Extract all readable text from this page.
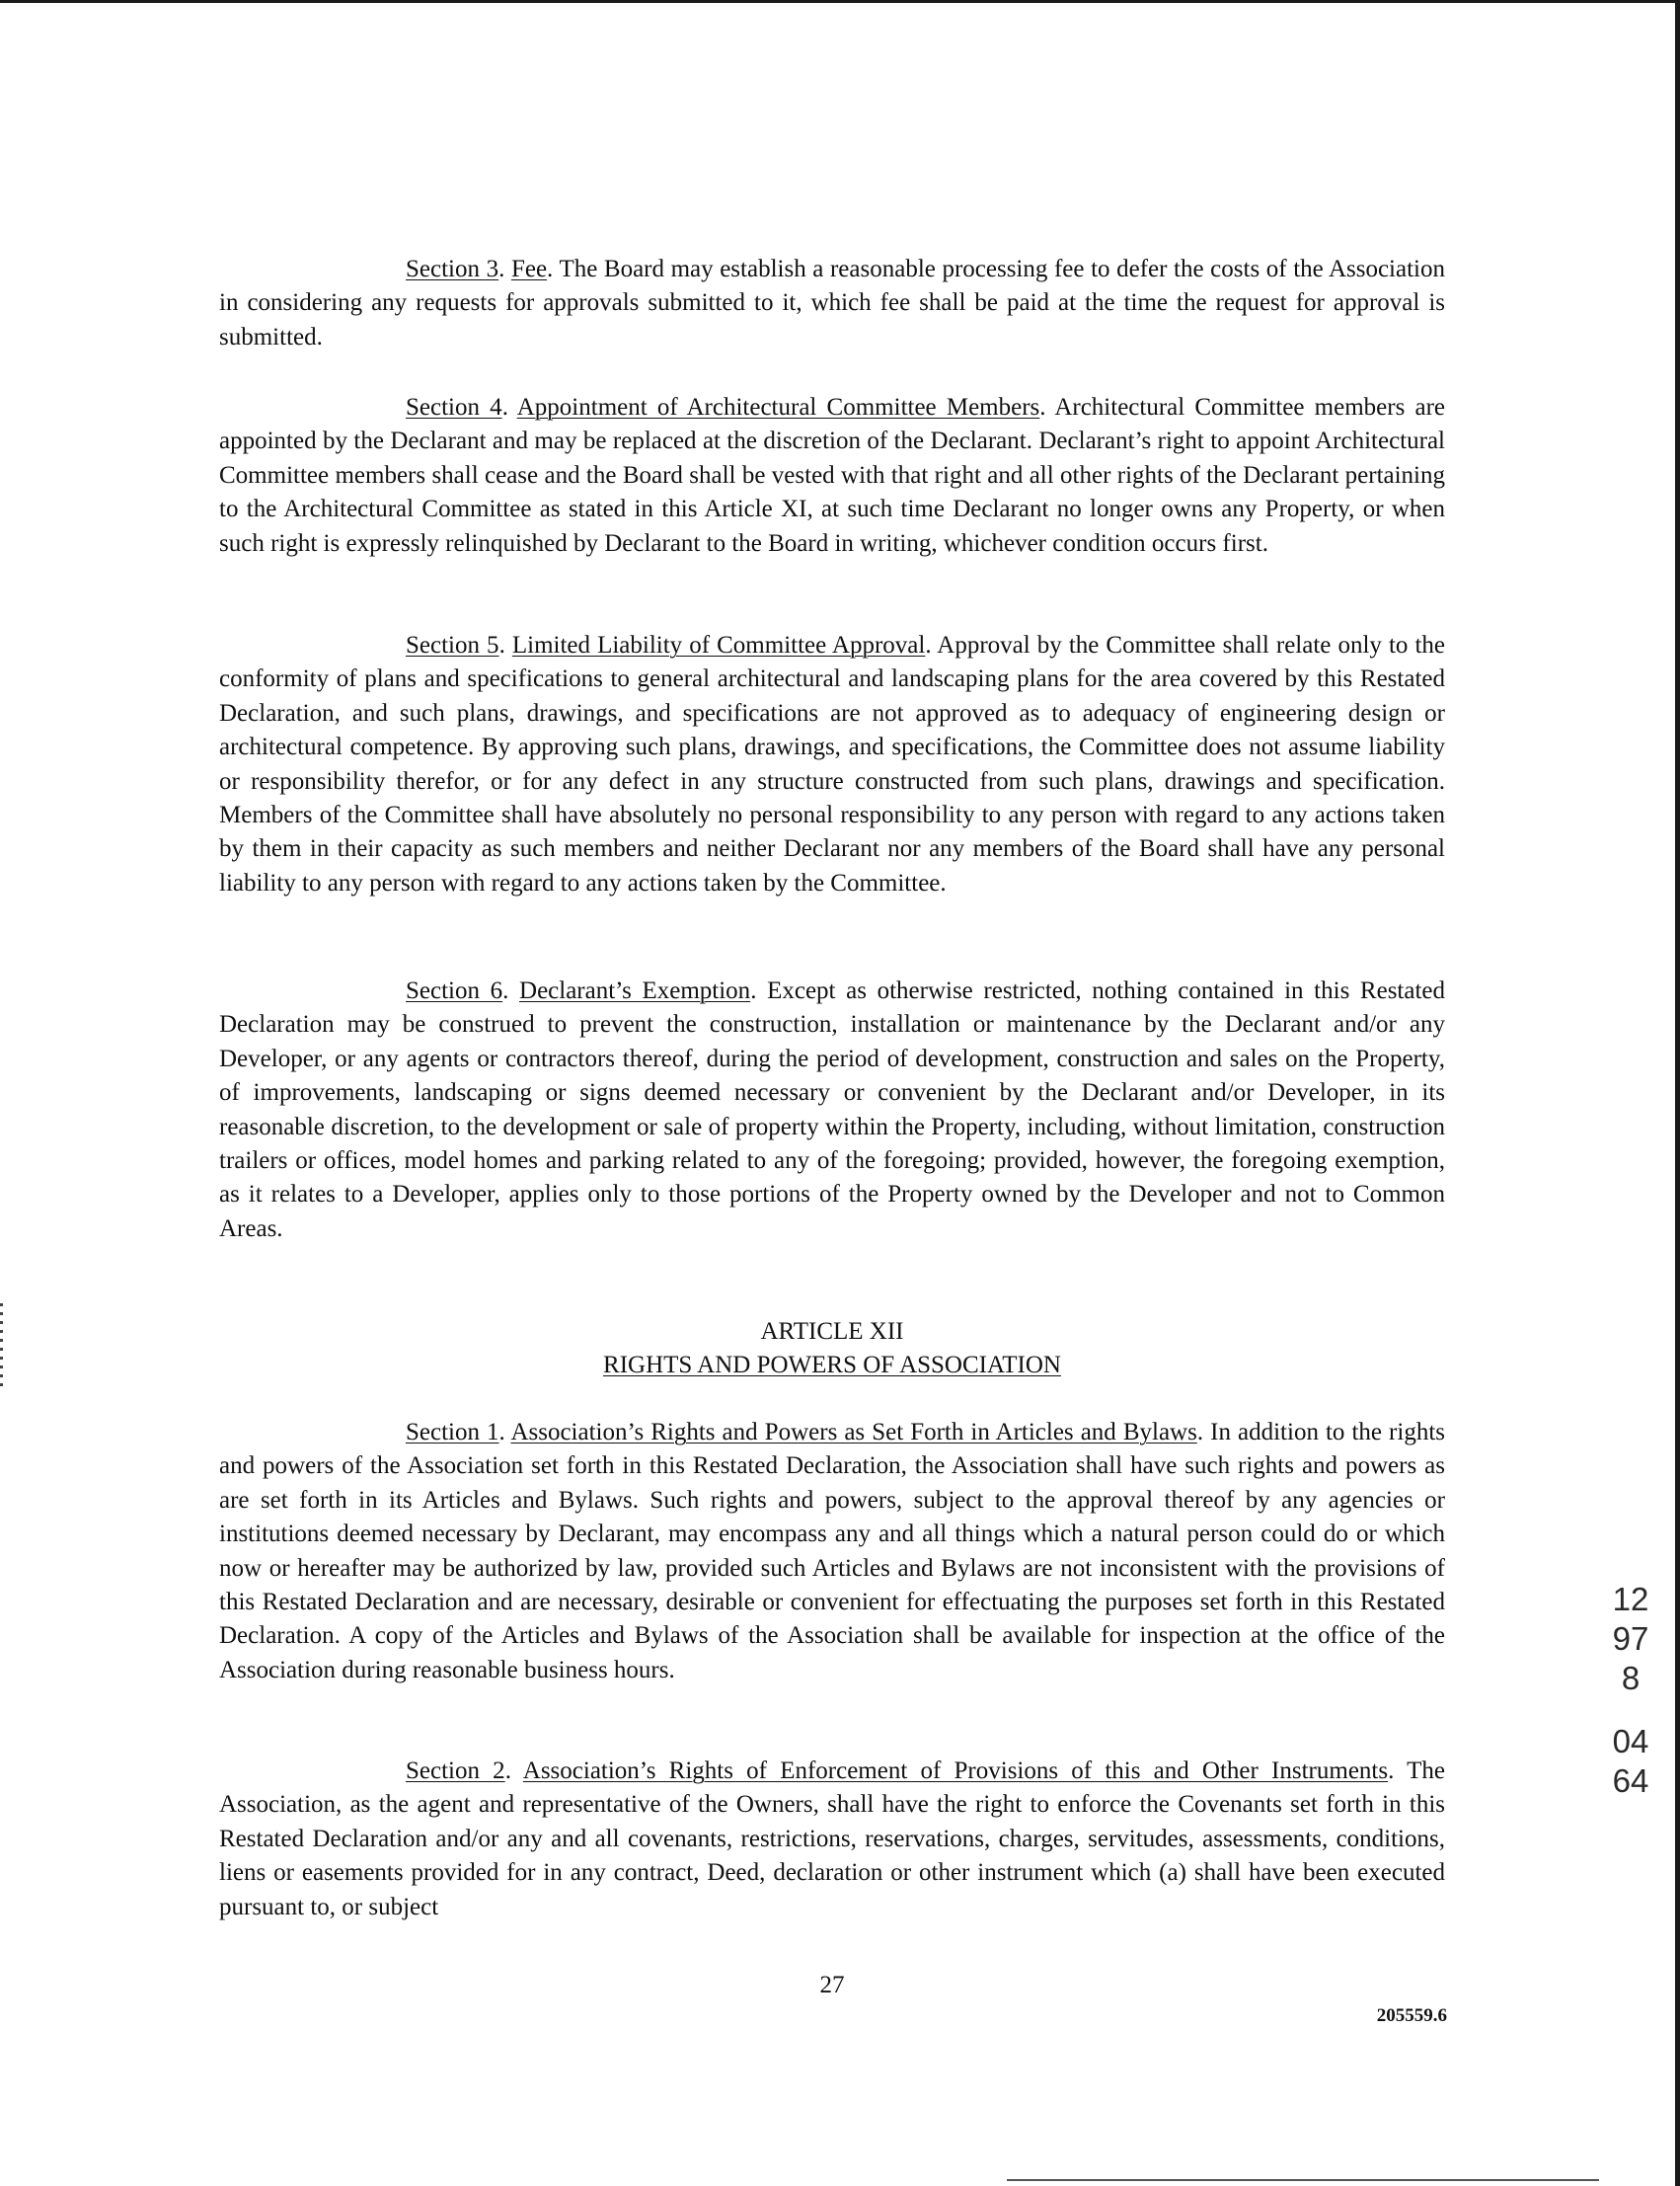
Section 3. Fee. The Board may establish a reasonable processing fee to defer the costs of the Association in considering any requests for approvals submitted to it, which fee shall be paid at the time the request for approval is submitted.

Section 4. Appointment of Architectural Committee Members. Architectural Committee members are appointed by the Declarant and may be replaced at the discretion of the Declarant. Declarant’s right to appoint Architectural Committee members shall cease and the Board shall be vested with that right and all other rights of the Declarant pertaining to the Architectural Committee as stated in this Article XI, at such time Declarant no longer owns any Property, or when such right is expressly relinquished by Declarant to the Board in writing, whichever condition occurs first.

Section 5. Limited Liability of Committee Approval. Approval by the Committee shall relate only to the conformity of plans and specifications to general architectural and landscaping plans for the area covered by this Restated Declaration, and such plans, drawings, and specifications are not approved as to adequacy of engineering design or architectural competence. By approving such plans, drawings, and specifications, the Committee does not assume liability or responsibility therefor, or for any defect in any structure constructed from such plans, drawings and specification. Members of the Committee shall have absolutely no personal responsibility to any person with regard to any actions taken by them in their capacity as such members and neither Declarant nor any members of the Board shall have any personal liability to any person with regard to any actions taken by the Committee.

Section 6. Declarant’s Exemption. Except as otherwise restricted, nothing contained in this Restated Declaration may be construed to prevent the construction, installation or maintenance by the Declarant and/or any Developer, or any agents or contractors thereof, during the period of development, construction and sales on the Property, of improvements, landscaping or signs deemed necessary or convenient by the Declarant and/or Developer, in its reasonable discretion, to the development or sale of property within the Property, including, without limitation, construction trailers or offices, model homes and parking related to any of the foregoing; provided, however, the foregoing exemption, as it relates to a Developer, applies only to those portions of the Property owned by the Developer and not to Common Areas.

ARTICLE XII

RIGHTS AND POWERS OF ASSOCIATION

Section 1. Association’s Rights and Powers as Set Forth in Articles and Bylaws. In addition to the rights and powers of the Association set forth in this Restated Declaration, the Association shall have such rights and powers as are set forth in its Articles and Bylaws. Such rights and powers, subject to the approval thereof by any agencies or institutions deemed necessary by Declarant, may encompass any and all things which a natural person could do or which now or hereafter may be authorized by law, provided such Articles and Bylaws are not inconsistent with the provisions of this Restated Declaration and are necessary, desirable or convenient for effectuating the purposes set forth in this Restated Declaration. A copy of the Articles and Bylaws of the Association shall be available for inspection at the office of the Association during reasonable business hours.

Section 2. Association’s Rights of Enforcement of Provisions of this and Other Instruments. The Association, as the agent and representative of the Owners, shall have the right to enforce the Covenants set forth in this Restated Declaration and/or any and all covenants, restrictions, reservations, charges, servitudes, assessments, conditions, liens or easements provided for in any contract, Deed, declaration or other instrument which (a) shall have been executed pursuant to, or subject

27
205559.6
12978
0464
